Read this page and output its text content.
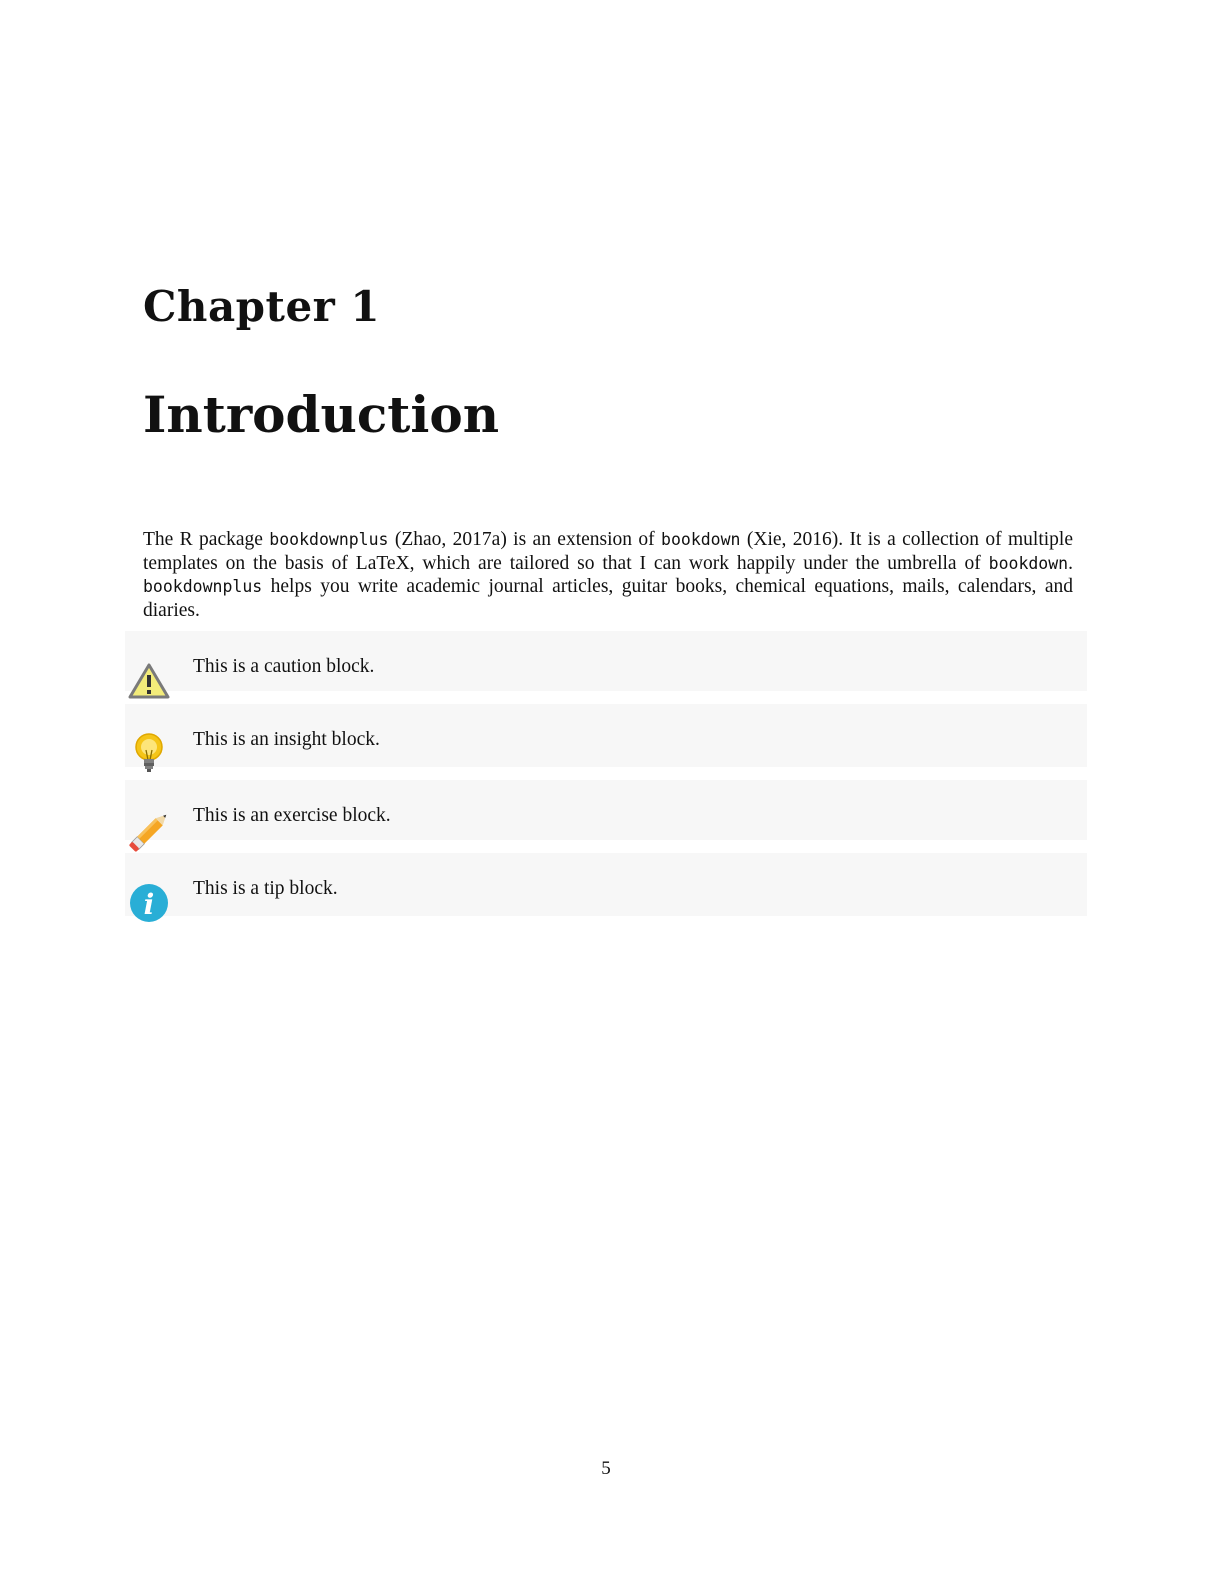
Chapter 1
Introduction

The R package bookdownplus (Zhao, 2017a) is an extension of bookdown (Xie, 2016). It is a collection of multiple templates on the basis of LaTeX, which are tailored so that I can work happily under the umbrella of bookdown. bookdownplus helps you write academic journal articles, guitar books, chemical equations, mails, calendars, and diaries.

This is a caution block.
This is an insight block.
This is an exercise block.
i This is a tip block.
5
